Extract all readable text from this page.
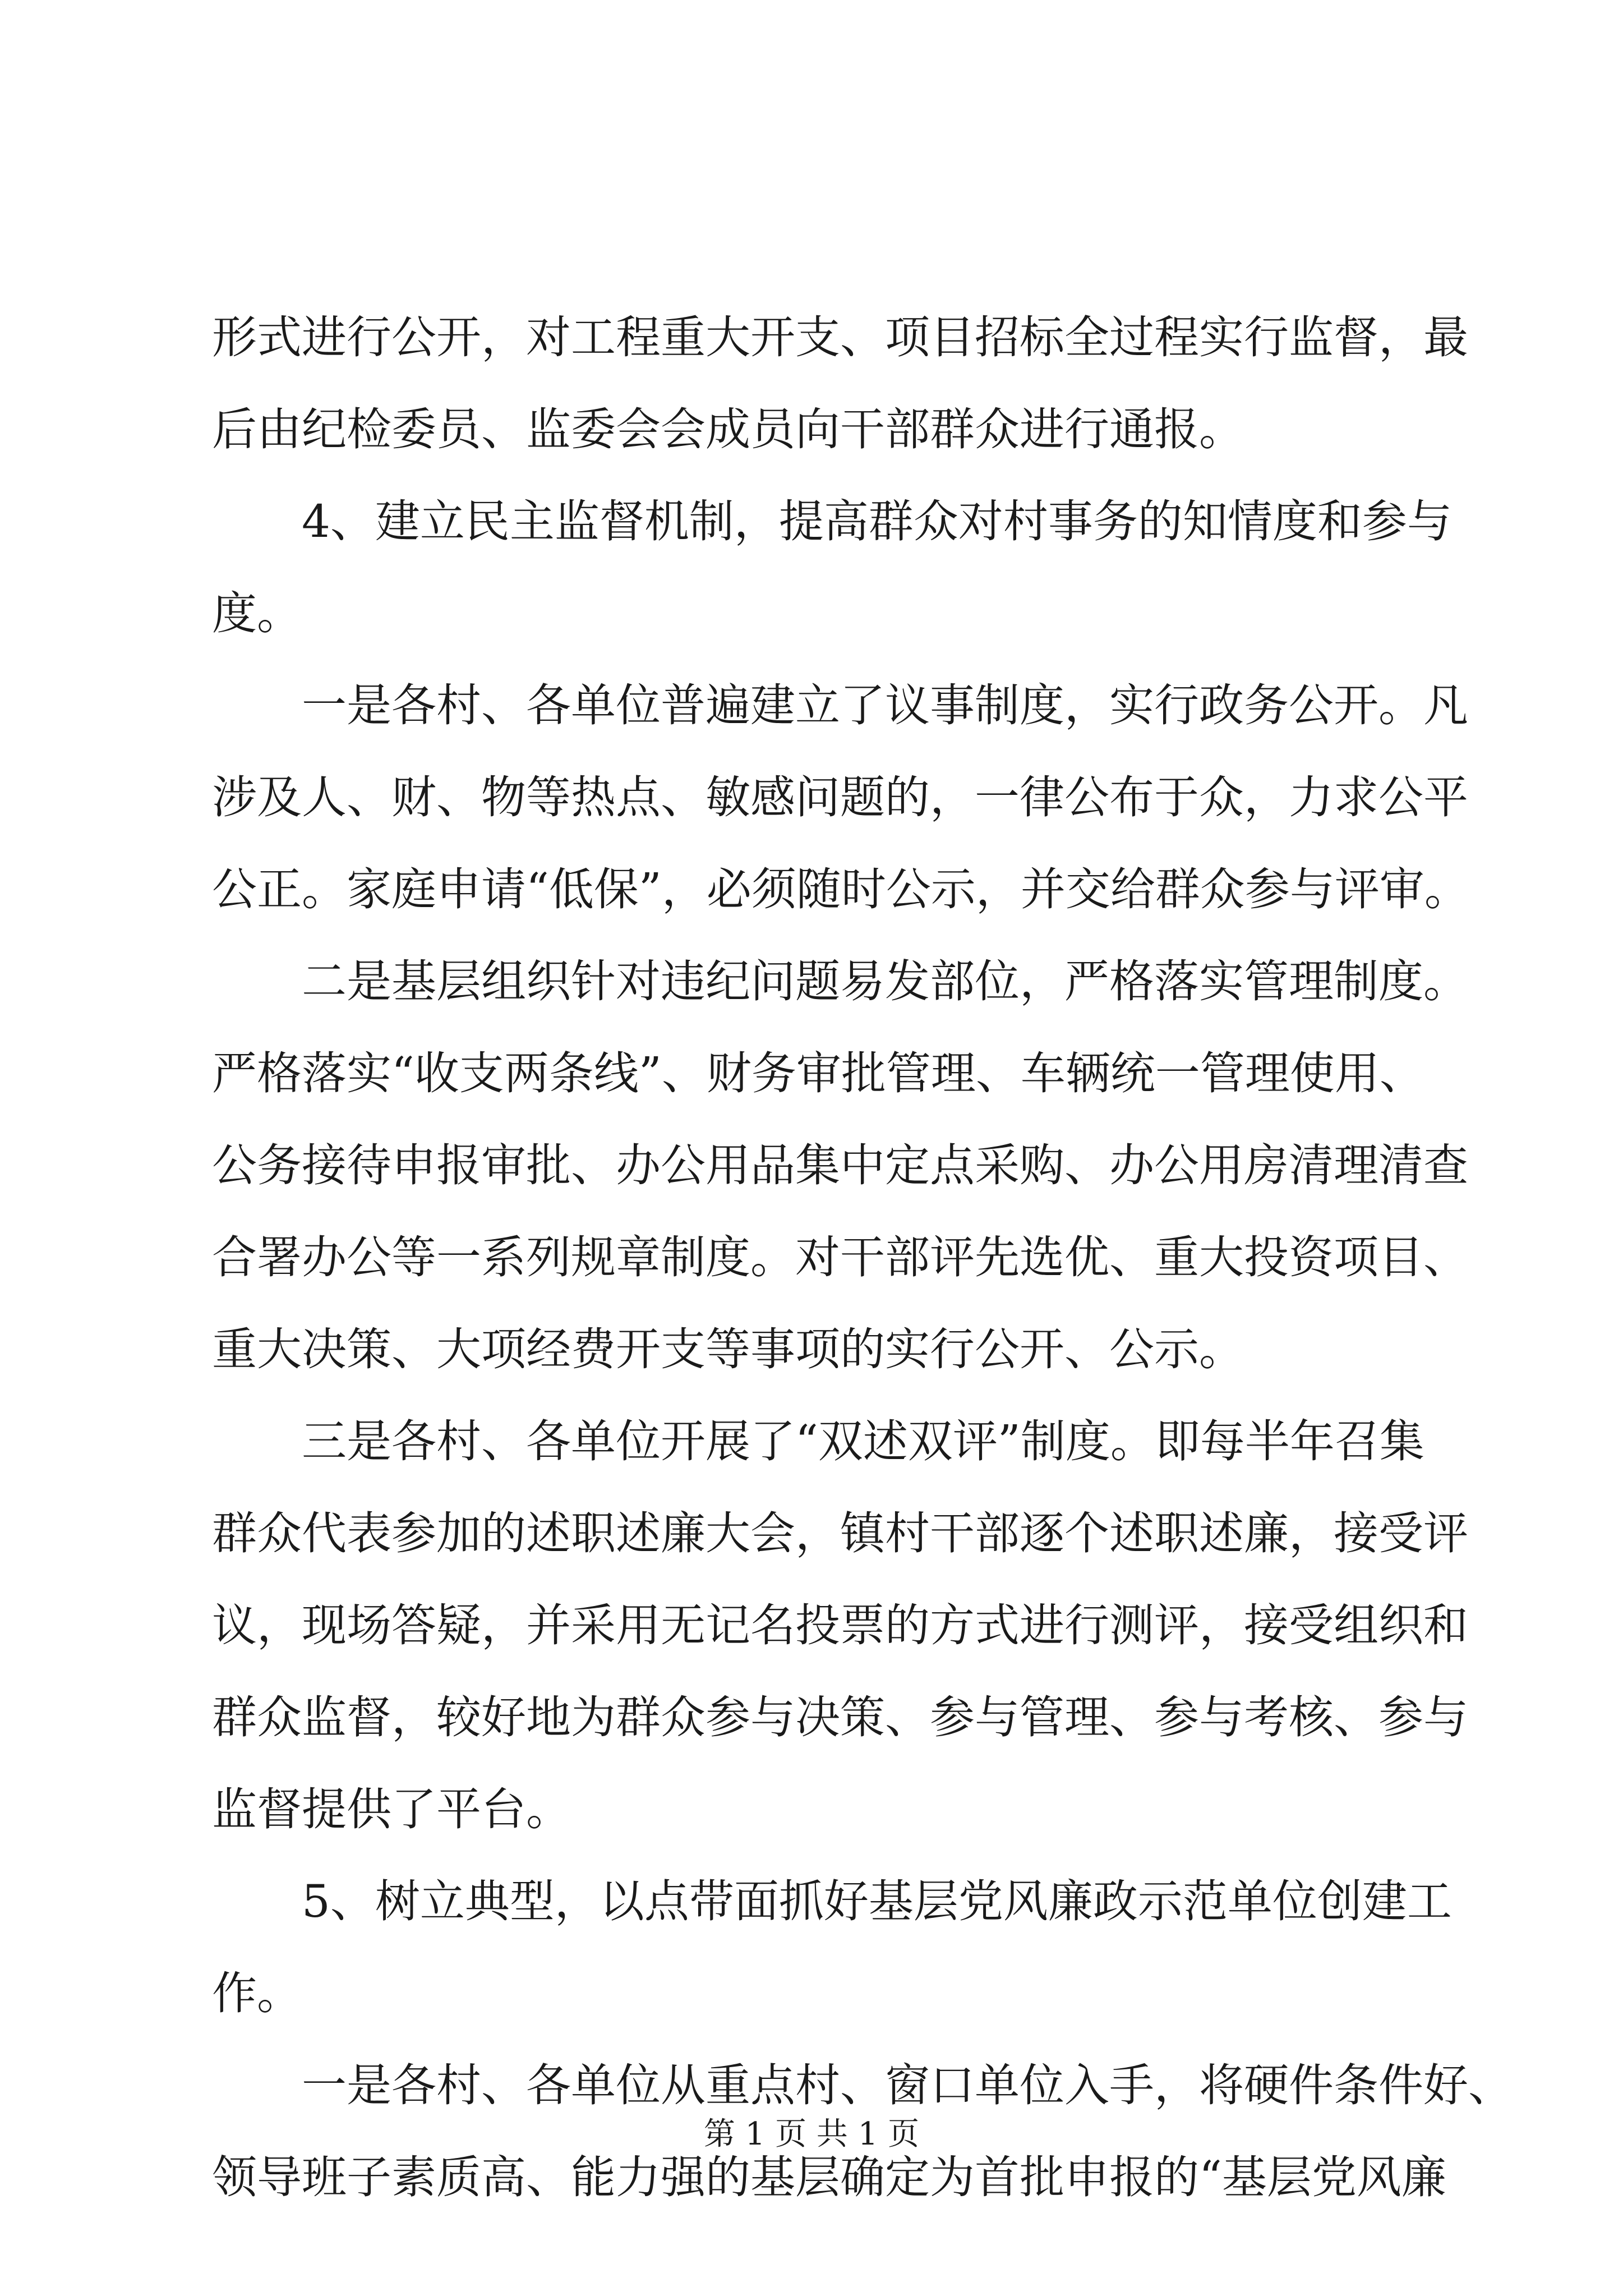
形 式 进 行 公 开 ， 对 工 程 重 大 开 支 、 项 目 招 标 全 过 程 实 行 监 督 ， 最
后由纪检委员、监委会会成员向干部群众进行通报。
4 、 建 立 民 主 监 督 机 制 ， 提 高 群 众 对 村 事 务 的 知 情 度 和 参 与
度。
一 是 各 村 、 各 单 位 普 遍 建 立 了 议 事 制 度 ， 实 行 政 务 公 开 。 凡
涉 及 人 、 财 、 物 等 热 点 、 敏 感 问 题 的 ， 一 律 公 布 于 众 ， 力 求 公 平
公 正 。 家 庭 申 请 “ 低 保 ” ， 必 须 随 时 公 示 ， 并 交 给 群 众 参 与 评 审 。
二 是 基 层 组 织 针 对 违 纪 问 题 易 发 部 位 ， 严 格 落 实 管 理 制 度 。
严 格 落 实 “ 收 支 两 条 线 ” 、 财 务 审 批 管 理 、 车 辆 统 一 管 理 使 用 、
公 务 接 待 申 报 审 批 、 办 公 用 品 集 中 定 点 采 购 、 办 公 用 房 清 理 清 查
合 署 办 公 等 一 系 列 规 章 制 度 。 对 干 部 评 先 选 优 、 重 大 投 资 项 目 、
重大决策、大项经费开支等事项的实行公开、公示。
三 是 各 村 、 各 单 位 开 展 了 “ 双 述 双 评 ” 制 度 。 即 每 半 年 召 集
群 众 代 表 参 加 的 述 职 述 廉 大 会 ， 镇 村 干 部 逐 个 述 职 述 廉 ， 接 受 评
议 ， 现 场 答 疑 ， 并 采 用 无 记 名 投 票 的 方 式 进 行 测 评 ， 接 受 组 织 和
群 众 监 督 ， 较 好 地 为 群 众 参 与 决 策 、 参 与 管 理 、 参 与 考 核 、 参 与
监督提供了平台。
5 、 树 立 典 型 ， 以 点 带 面 抓 好 基 层 党 风 廉 政 示 范 单 位 创 建 工
作。
一 是 各 村 、 各 单 位 从 重 点 村 、 窗 口 单 位 入 手 ， 将 硬 件 条 件 好 、
领 导 班 子 素 质 高 、 能 力 强 的 基 层 确 定 为 首 批 申 报 的 “ 基 层 党 风 廉
第 1 页 共 1 页
